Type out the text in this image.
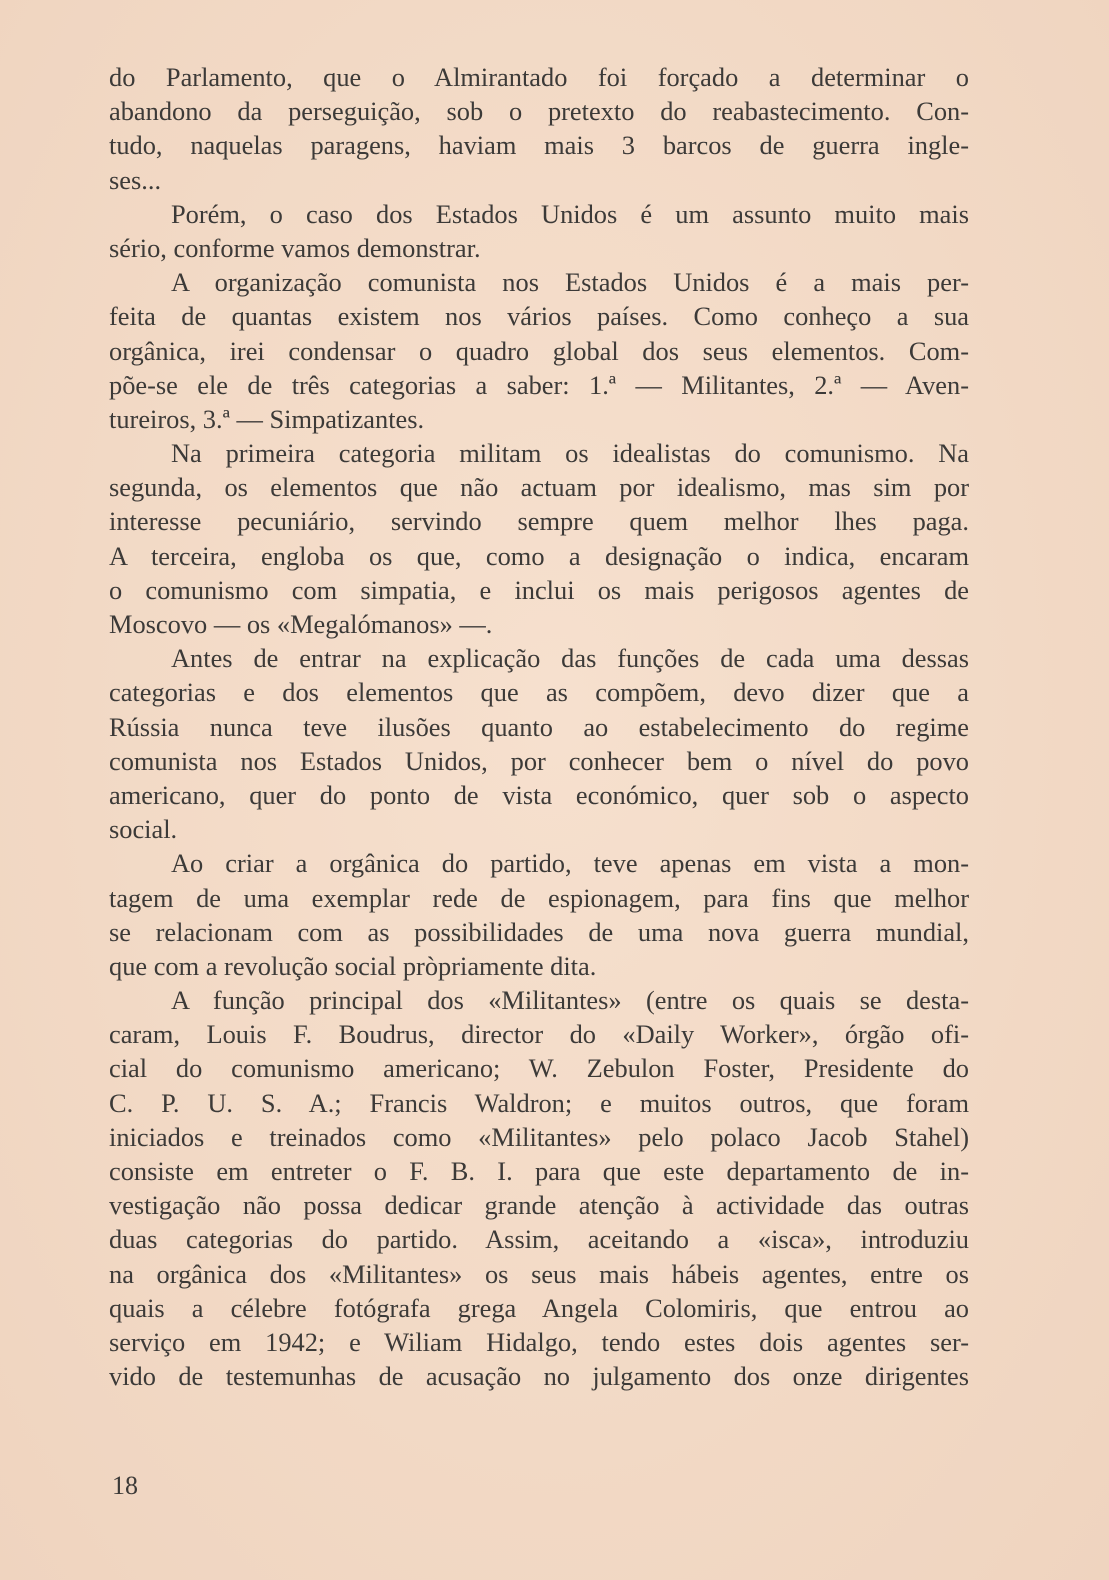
do Parlamento, que o Almirantado foi forçado a determinar o
abandono da perseguição, sob o pretexto do reabastecimento. Con-
tudo, naquelas paragens, haviam mais 3 barcos de guerra ingle-
ses...
Porém, o caso dos Estados Unidos é um assunto muito mais
sério, conforme vamos demonstrar.
A organização comunista nos Estados Unidos é a mais per-
feita de quantas existem nos vários países. Como conheço a sua
orgânica, irei condensar o quadro global dos seus elementos. Com-
põe-se ele de três categorias a saber: 1.ª — Militantes, 2.ª — Aven-
tureiros, 3.ª — Simpatizantes.
Na primeira categoria militam os idealistas do comunismo. Na
segunda, os elementos que não actuam por idealismo, mas sim por
interesse pecuniário, servindo sempre quem melhor lhes paga.
A terceira, engloba os que, como a designação o indica, encaram
o comunismo com simpatia, e inclui os mais perigosos agentes de
Moscovo — os «Megalómanos» —.
Antes de entrar na explicação das funções de cada uma dessas
categorias e dos elementos que as compõem, devo dizer que a
Rússia nunca teve ilusões quanto ao estabelecimento do regime
comunista nos Estados Unidos, por conhecer bem o nível do povo
americano, quer do ponto de vista económico, quer sob o aspecto
social.
Ao criar a orgânica do partido, teve apenas em vista a mon-
tagem de uma exemplar rede de espionagem, para fins que melhor
se relacionam com as possibilidades de uma nova guerra mundial,
que com a revolução social pròpriamente dita.
A função principal dos «Militantes» (entre os quais se desta-
caram, Louis F. Boudrus, director do «Daily Worker», órgão ofi-
cial do comunismo americano; W. Zebulon Foster, Presidente do
C. P. U. S. A.; Francis Waldron; e muitos outros, que foram
iniciados e treinados como «Militantes» pelo polaco Jacob Stahel)
consiste em entreter o F. B. I. para que este departamento de in-
vestigação não possa dedicar grande atenção à actividade das outras
duas categorias do partido. Assim, aceitando a «isca», introduziu
na orgânica dos «Militantes» os seus mais hábeis agentes, entre os
quais a célebre fotógrafa grega Angela Colomiris, que entrou ao
serviço em 1942; e Wiliam Hidalgo, tendo estes dois agentes ser-
vido de testemunhas de acusação no julgamento dos onze dirigentes
18
